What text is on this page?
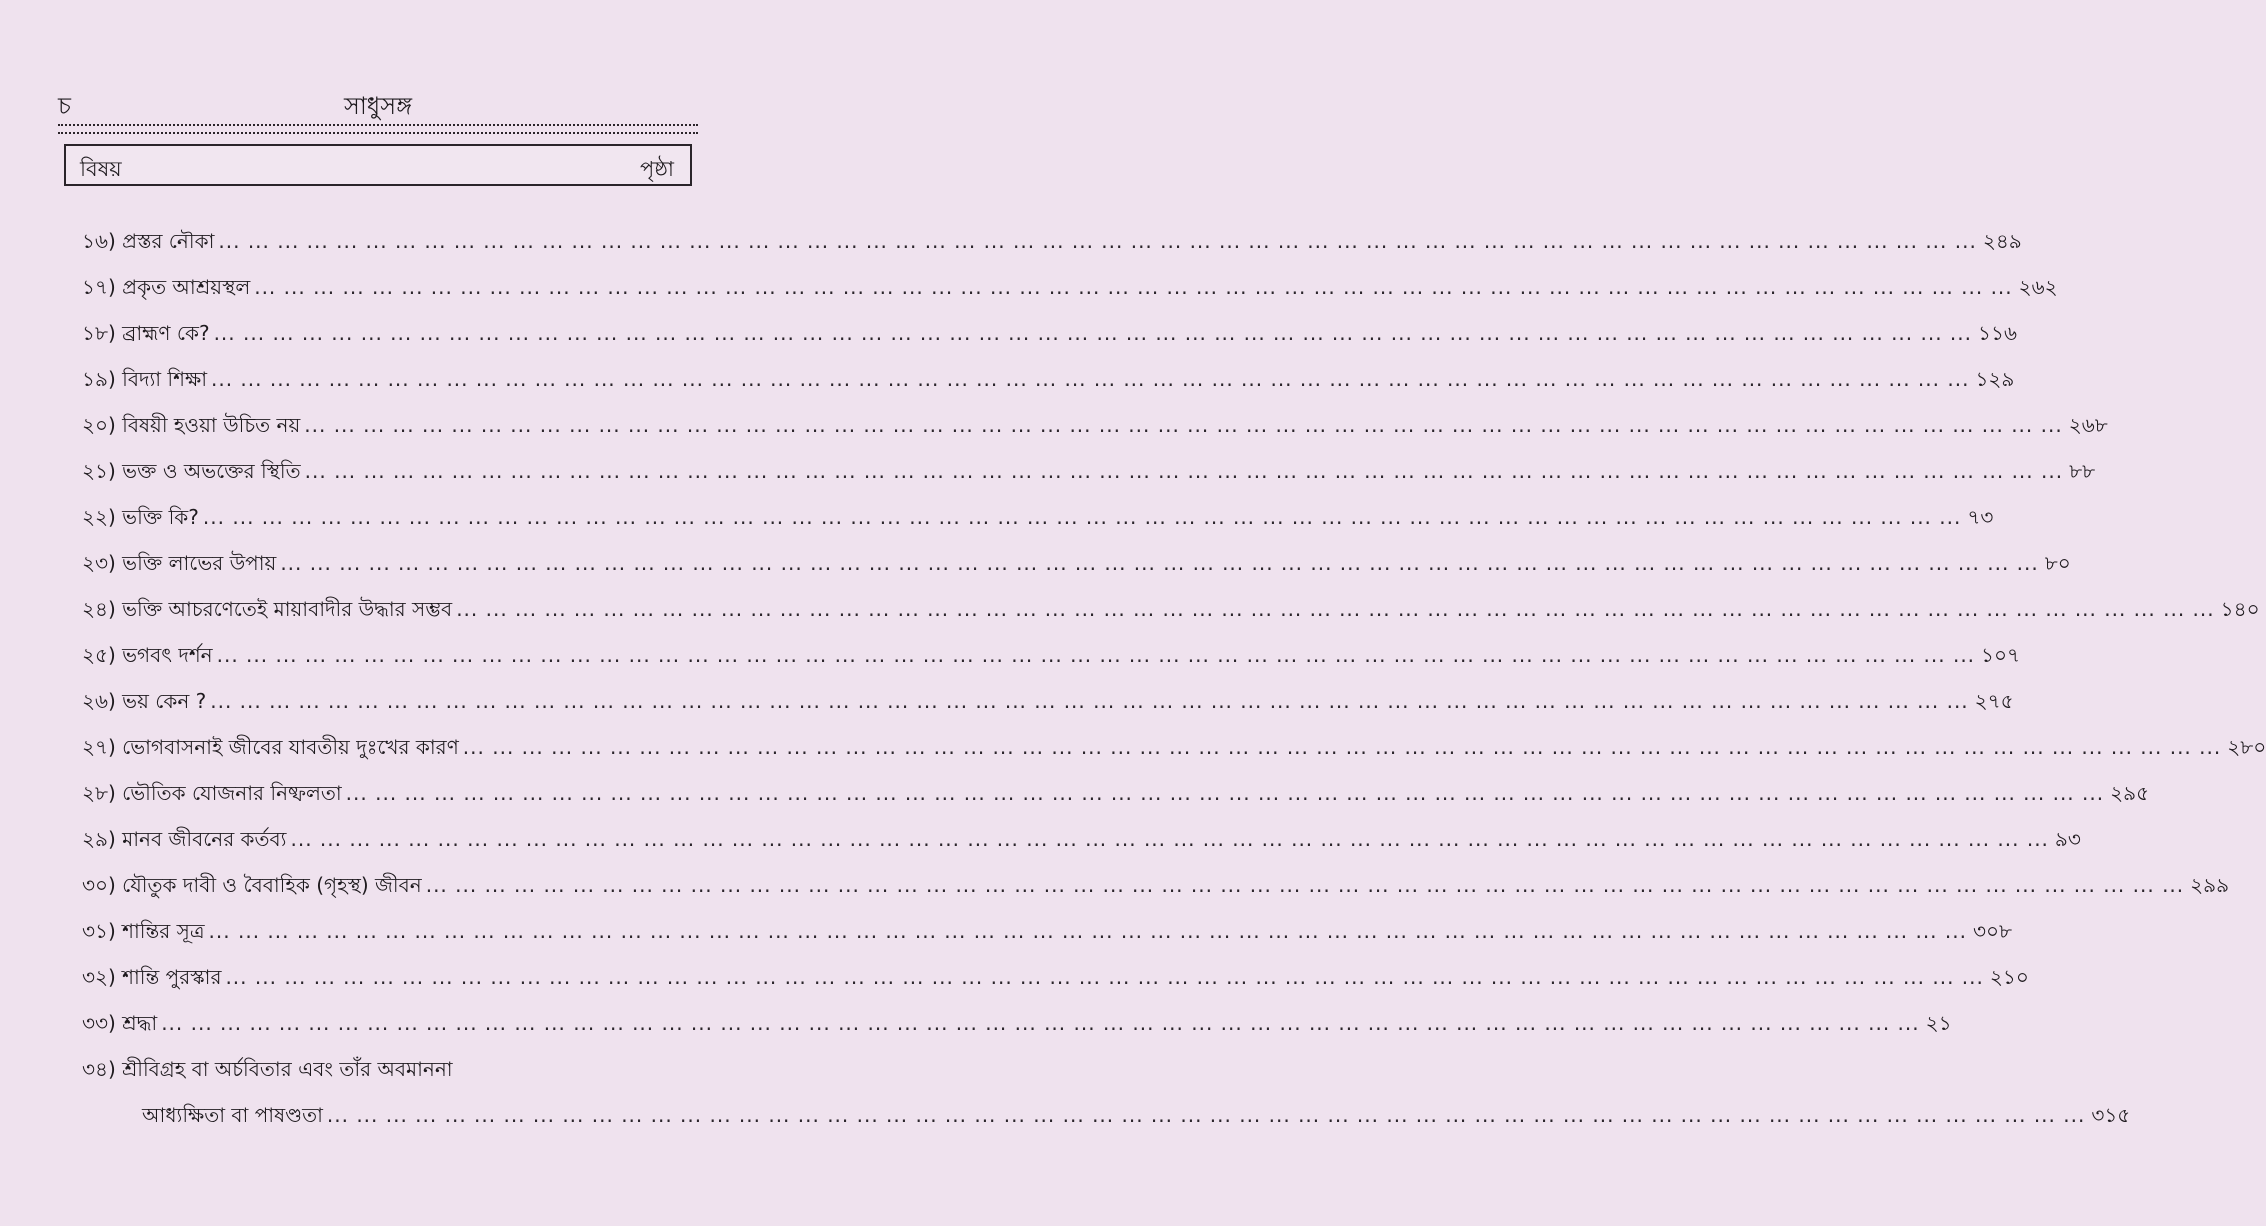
চ	সাধুসঙ্গ
বিষয়	পৃষ্ঠা
১৬) প্রস্তর নৌকা ... ... ... ... ... ... ... ... ... ... ... ... ... ... ... ... ... ... ... ... ... ... ... ... ... ... ... ... ... ... ... ... ... ... ... ... ... ... ... ... ... ... ... ... ... ... ... ... ... ... ... ... ... ... ... ... ... ... ... ... ২৪৯
১৭) প্রকৃত আশ্রয়স্থল ... ... ... ... ... ... ... ... ... ... ... ... ... ... ... ... ... ... ... ... ... ... ... ... ... ... ... ... ... ... ... ... ... ... ... ... ... ... ... ... ... ... ... ... ... ... ... ... ... ... ... ... ... ... ... ... ... ... ... ... ২৬২
১৮) ব্রাহ্মণ কে? ... ... ... ... ... ... ... ... ... ... ... ... ... ... ... ... ... ... ... ... ... ... ... ... ... ... ... ... ... ... ... ... ... ... ... ... ... ... ... ... ... ... ... ... ... ... ... ... ... ... ... ... ... ... ... ... ... ... ... ... ১১৬
১৯) বিদ্যা শিক্ষা ... ... ... ... ... ... ... ... ... ... ... ... ... ... ... ... ... ... ... ... ... ... ... ... ... ... ... ... ... ... ... ... ... ... ... ... ... ... ... ... ... ... ... ... ... ... ... ... ... ... ... ... ... ... ... ... ... ... ... ... ১২৯
২০) বিষয়ী হওয়া উচিত নয় ... ... ... ... ... ... ... ... ... ... ... ... ... ... ... ... ... ... ... ... ... ... ... ... ... ... ... ... ... ... ... ... ... ... ... ... ... ... ... ... ... ... ... ... ... ... ... ... ... ... ... ... ... ... ... ... ... ... ... ... ২৬৮
২১) ভক্ত ও অভক্তের স্থিতি ... ... ... ... ... ... ... ... ... ... ... ... ... ... ... ... ... ... ... ... ... ... ... ... ... ... ... ... ... ... ... ... ... ... ... ... ... ... ... ... ... ... ... ... ... ... ... ... ... ... ... ... ... ... ... ... ... ... ... ... ৮৮
২২) ভক্তি কি? ... ... ... ... ... ... ... ... ... ... ... ... ... ... ... ... ... ... ... ... ... ... ... ... ... ... ... ... ... ... ... ... ... ... ... ... ... ... ... ... ... ... ... ... ... ... ... ... ... ... ... ... ... ... ... ... ... ... ... ... ৭৩
২৩) ভক্তি লাভের উপায় ... ... ... ... ... ... ... ... ... ... ... ... ... ... ... ... ... ... ... ... ... ... ... ... ... ... ... ... ... ... ... ... ... ... ... ... ... ... ... ... ... ... ... ... ... ... ... ... ... ... ... ... ... ... ... ... ... ... ... ... ৮০
২৪) ভক্তি আচরণেতেই মায়াবাদীর উদ্ধার সম্ভব ... ... ... ... ... ... ... ... ... ... ... ... ... ... ... ... ... ... ... ... ... ... ... ... ... ... ... ... ... ... ... ... ... ... ... ... ... ... ... ... ... ... ... ... ... ... ... ... ... ... ... ... ... ... ... ... ... ... ... ... ১৪০
২৫) ভগবৎ দর্শন ... ... ... ... ... ... ... ... ... ... ... ... ... ... ... ... ... ... ... ... ... ... ... ... ... ... ... ... ... ... ... ... ... ... ... ... ... ... ... ... ... ... ... ... ... ... ... ... ... ... ... ... ... ... ... ... ... ... ... ... ১০৭
২৬) ভয় কেন ? ... ... ... ... ... ... ... ... ... ... ... ... ... ... ... ... ... ... ... ... ... ... ... ... ... ... ... ... ... ... ... ... ... ... ... ... ... ... ... ... ... ... ... ... ... ... ... ... ... ... ... ... ... ... ... ... ... ... ... ... ২৭৫
২৭) ভোগবাসনাই জীবের যাবতীয় দুঃখের কারণ ... ... ... ... ... ... ... ... ... ... ... ... ... ... ... ... ... ... ... ... ... ... ... ... ... ... ... ... ... ... ... ... ... ... ... ... ... ... ... ... ... ... ... ... ... ... ... ... ... ... ... ... ... ... ... ... ... ... ... ... ২৮০
২৮) ভৌতিক যোজনার নিষ্ফলতা ... ... ... ... ... ... ... ... ... ... ... ... ... ... ... ... ... ... ... ... ... ... ... ... ... ... ... ... ... ... ... ... ... ... ... ... ... ... ... ... ... ... ... ... ... ... ... ... ... ... ... ... ... ... ... ... ... ... ... ... ২৯৫
২৯) মানব জীবনের কর্তব্য ... ... ... ... ... ... ... ... ... ... ... ... ... ... ... ... ... ... ... ... ... ... ... ... ... ... ... ... ... ... ... ... ... ... ... ... ... ... ... ... ... ... ... ... ... ... ... ... ... ... ... ... ... ... ... ... ... ... ... ... ৯৩
৩০) যৌতুক দাবী ও বৈবাহিক (গৃহস্থ) জীবন ... ... ... ... ... ... ... ... ... ... ... ... ... ... ... ... ... ... ... ... ... ... ... ... ... ... ... ... ... ... ... ... ... ... ... ... ... ... ... ... ... ... ... ... ... ... ... ... ... ... ... ... ... ... ... ... ... ... ... ... ২৯৯
৩১) শান্তির সূত্র ... ... ... ... ... ... ... ... ... ... ... ... ... ... ... ... ... ... ... ... ... ... ... ... ... ... ... ... ... ... ... ... ... ... ... ... ... ... ... ... ... ... ... ... ... ... ... ... ... ... ... ... ... ... ... ... ... ... ... ... ৩০৮
৩২) শান্তি পুরস্কার ... ... ... ... ... ... ... ... ... ... ... ... ... ... ... ... ... ... ... ... ... ... ... ... ... ... ... ... ... ... ... ... ... ... ... ... ... ... ... ... ... ... ... ... ... ... ... ... ... ... ... ... ... ... ... ... ... ... ... ... ২১০
৩৩) শ্রদ্ধা ... ... ... ... ... ... ... ... ... ... ... ... ... ... ... ... ... ... ... ... ... ... ... ... ... ... ... ... ... ... ... ... ... ... ... ... ... ... ... ... ... ... ... ... ... ... ... ... ... ... ... ... ... ... ... ... ... ... ... ... ২১
৩৪) শ্রীবিগ্রহ বা অর্চবিতার এবং তাঁর অবমাননা
আধ্যক্ষিতা বা পাষণ্ডতা ... ... ... ... ... ... ... ... ... ... ... ... ... ... ... ... ... ... ... ... ... ... ... ... ... ... ... ... ... ... ... ... ... ... ... ... ... ... ... ... ... ... ... ... ... ... ... ... ... ... ... ... ... ... ... ... ... ... ... ... ৩১৫
